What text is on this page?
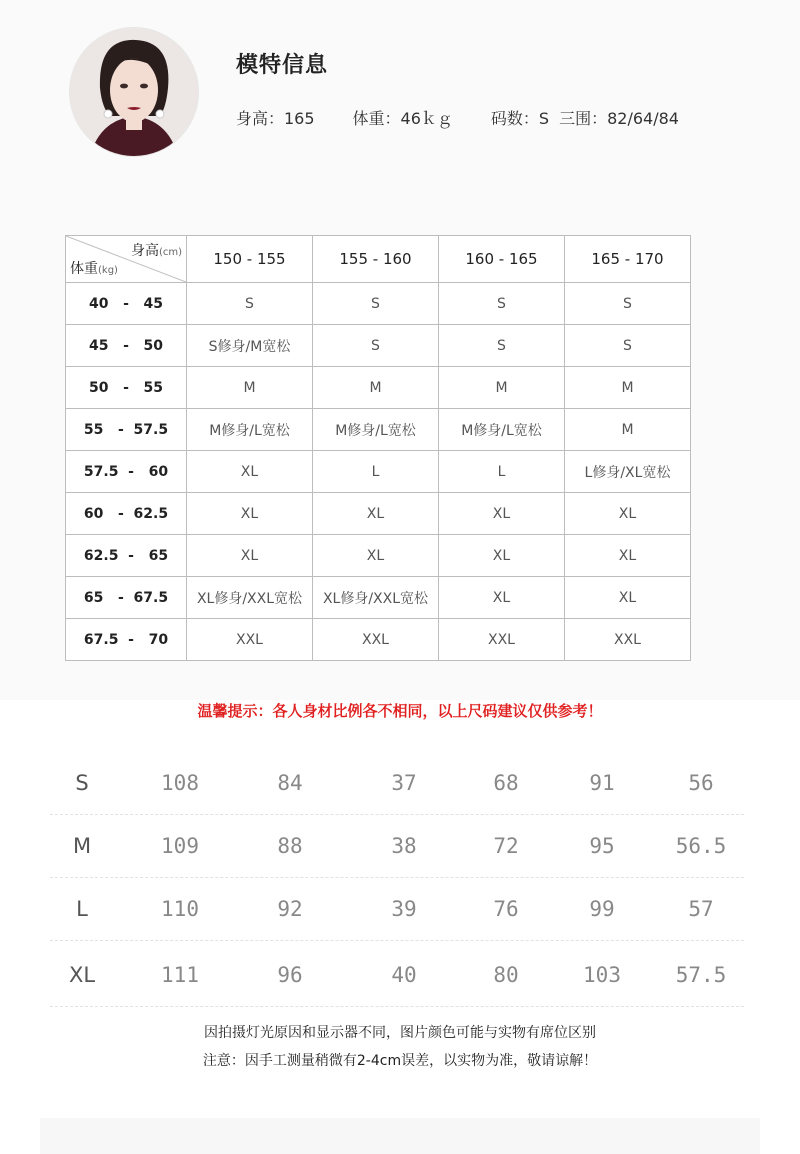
模特信息
身高：165 体重：46ｋｇ 码数：S 三围：82/64/84
身高(cm)
体重(kg)	150 - 155	155 - 160	160 - 165	165 - 170
40   -   45	S	S	S	S
45   -   50	S修身/M宽松	S	S	S
50   -   55	M	M	M	M
55   -  57.5	M修身/L宽松	M修身/L宽松	M修身/L宽松	M
57.5  -   60	XL	L	L	L修身/XL宽松
60   -  62.5	XL	XL	XL	XL
62.5  -   65	XL	XL	XL	XL
65   -  67.5	XL修身/XXL宽松	XL修身/XXL宽松	XL	XL
67.5  -   70	XXL	XXL	XXL	XXL
温馨提示：各人身材比例各不相同，以上尺码建议仅供参考！
S	108	84	37	68	91	56
M	109	88	38	72	95	56.5
L	110	92	39	76	99	57
XL	111	96	40	80	103	57.5
因拍摄灯光原因和显示器不同，图片颜色可能与实物有席位区别
注意：因手工测量稍微有2-4cm误差，以实物为准，敬请谅解！
